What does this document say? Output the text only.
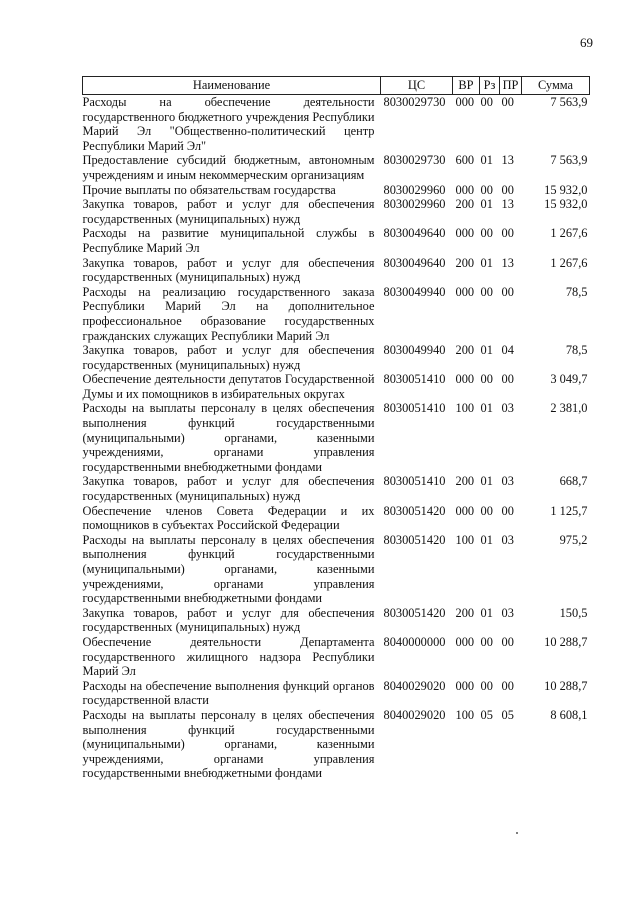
69
Наименование	ЦС	ВР	Рз	ПР	Сумма
Расходы на обеспечение деятельности государственного бюджетного учреждения Республики Марий Эл "Общественно-политический центр Республики Марий Эл"	8030029730	000	00	00	7 563,9
Предоставление субсидий бюджетным, автономным учреждениям и иным некоммерческим организациям	8030029730	600	01	13	7 563,9
Прочие выплаты по обязательствам государства	8030029960	000	00	00	15 932,0
Закупка товаров, работ и услуг для обеспечения государственных (муниципальных) нужд	8030029960	200	01	13	15 932,0
Расходы на развитие муниципальной службы в Республике Марий Эл	8030049640	000	00	00	1 267,6
Закупка товаров, работ и услуг для обеспечения государственных (муниципальных) нужд	8030049640	200	01	13	1 267,6
Расходы на реализацию государственного заказа Республики Марий Эл на дополнительное профессиональное образование государственных гражданских служащих Республики Марий Эл	8030049940	000	00	00	78,5
Закупка товаров, работ и услуг для обеспечения государственных (муниципальных) нужд	8030049940	200	01	04	78,5
Обеспечение деятельности депутатов Государственной Думы и их помощников в избирательных округах	8030051410	000	00	00	3 049,7
Расходы на выплаты персоналу в целях обеспечения выполнения функций государственными (муниципальными) органами, казенными учреждениями, органами управления государственными внебюджетными фондами	8030051410	100	01	03	2 381,0
Закупка товаров, работ и услуг для обеспечения государственных (муниципальных) нужд	8030051410	200	01	03	668,7
Обеспечение членов Совета Федерации и их помощников в субъектах Российской Федерации	8030051420	000	00	00	1 125,7
Расходы на выплаты персоналу в целях обеспечения выполнения функций государственными (муниципальными) органами, казенными учреждениями, органами управления государственными внебюджетными фондами	8030051420	100	01	03	975,2
Закупка товаров, работ и услуг для обеспечения государственных (муниципальных) нужд	8030051420	200	01	03	150,5
Обеспечение деятельности Департамента государственного жилищного надзора Республики Марий Эл	8040000000	000	00	00	10 288,7
Расходы на обеспечение выполнения функций органов государственной власти	8040029020	000	00	00	10 288,7
Расходы на выплаты персоналу в целях обеспечения выполнения функций государственными (муниципальными) органами, казенными учреждениями, органами управления государственными внебюджетными фондами	8040029020	100	05	05	8 608,1
